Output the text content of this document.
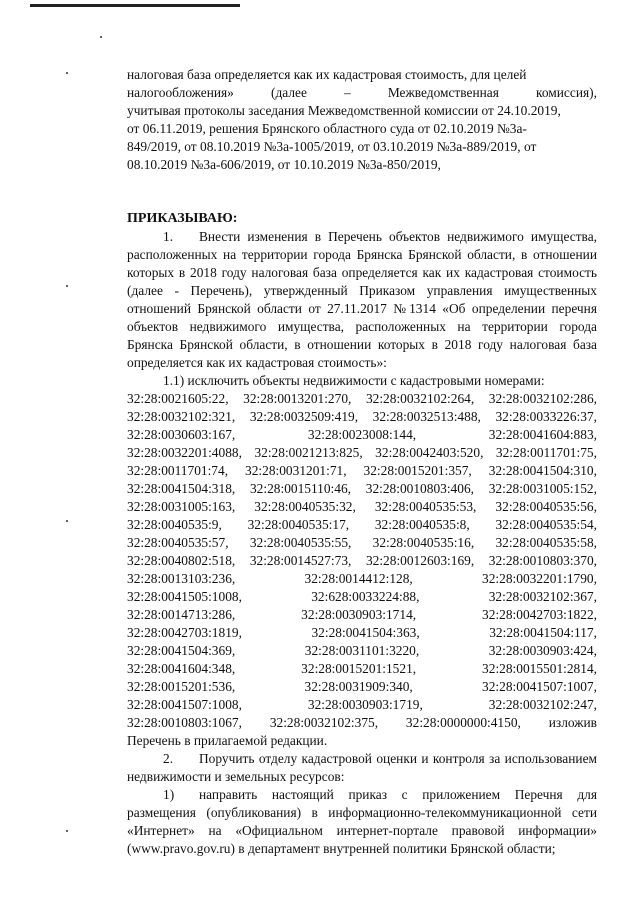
налоговая база определяется как их кадастровая стоимость, для целей

налогообложения»	(далее	–	Межведомственная	комиссия),

учитывая протоколы заседания Межведомственной комиссии от 24.10.2019,

от 06.11.2019, решения Брянского областного суда от 02.10.2019 №3а-

849/2019, от 08.10.2019 №3а-1005/2019, от 03.10.2019 №3а-889/2019, от

08.10.2019 №3а-606/2019, от 10.10.2019 №3а-850/2019,

ПРИКАЗЫВАЮ:

1. Внести изменения в Перечень объектов недвижимого имущества, расположенных на территории города Брянска Брянской области, в отношении которых в 2018 году налоговая база определяется как их кадастровая стоимость (далее - Перечень), утвержденный Приказом управления имущественных отношений Брянской области от 27.11.2017 №1314 «Об определении перечня объектов недвижимого имущества, расположенных на территории города Брянска Брянской области, в отношении которых в 2018 году налоговая база определяется как их кадастровая стоимость»:

1.1) исключить объекты недвижимости с кадастровыми номерами:

32:28:0021605:22, 32:28:0013201:270, 32:28:0032102:264, 32:28:0032102:286,
32:28:0032102:321, 32:28:0032509:419, 32:28:0032513:488, 32:28:0033226:37,
32:28:0030603:167,	32:28:0023008:144,	32:28:0041604:883,
32:28:0032201:4088, 32:28:0021213:825, 32:28:0042403:520, 32:28:0011701:75,
32:28:0011701:74, 32:28:0031201:71, 32:28:0015201:357, 32:28:0041504:310,
32:28:0041504:318, 32:28:0015110:46, 32:28:0010803:406, 32:28:0031005:152,
32:28:0031005:163, 32:28:0040535:32, 32:28:0040535:53, 32:28:0040535:56,
32:28:0040535:9, 32:28:0040535:17, 32:28:0040535:8, 32:28:0040535:54,
32:28:0040535:57, 32:28:0040535:55, 32:28:0040535:16, 32:28:0040535:58,
32:28:0040802:518, 32:28:0014527:73, 32:28:0012603:169, 32:28:0010803:370,
32:28:0013103:236,	32:28:0014412:128,	32:28:0032201:1790,
32:28:0041505:1008,	32:628:0033224:88,	32:28:0032102:367,
32:28:0014713:286,	32:28:0030903:1714,	32:28:0042703:1822,
32:28:0042703:1819,	32:28:0041504:363,	32:28:0041504:117,
32:28:0041504:369,	32:28:0031101:3220,	32:28:0030903:424,
32:28:0041604:348,	32:28:0015201:1521,	32:28:0015501:2814,
32:28:0015201:536,	32:28:0031909:340,	32:28:0041507:1007,
32:28:0041507:1008,	32:28:0030903:1719,	32:28:0032102:247,
32:28:0010803:1067, 32:28:0032102:375, 32:28:0000000:4150, изложив

Перечень в прилагаемой редакции.

2. Поручить отделу кадастровой оценки и контроля за использованием недвижимости и земельных ресурсов:

1) направить настоящий приказ с приложением Перечня для размещения (опубликования) в информационно-телекоммуникационной сети «Интернет» на «Официальном интернет-портале правовой информации» (www.pravo.gov.ru) в департамент внутренней политики Брянской области;
